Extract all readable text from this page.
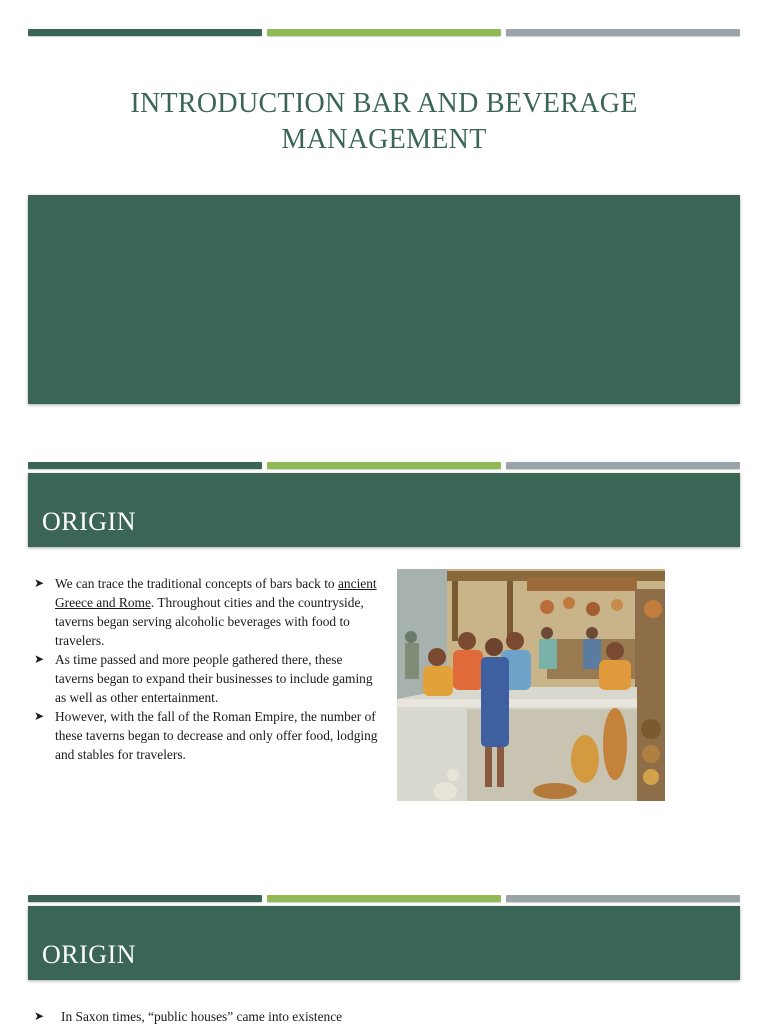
INTRODUCTION BAR AND BEVERAGE
MANAGEMENT
ORIGIN
➤ We can trace the traditional concepts of bars back to ancient Greece and Rome. Throughout cities and the countryside, taverns began serving alcoholic beverages with food to travelers.
➤ As time passed and more people gathered there, these taverns began to expand their businesses to include gaming as well as other entertainment.
➤ However, with the fall of the Roman Empire, the number of these taverns began to decrease and only offer food, lodging and stables for travelers.
ORIGIN
➤ In Saxon times, “public houses” came into existence
